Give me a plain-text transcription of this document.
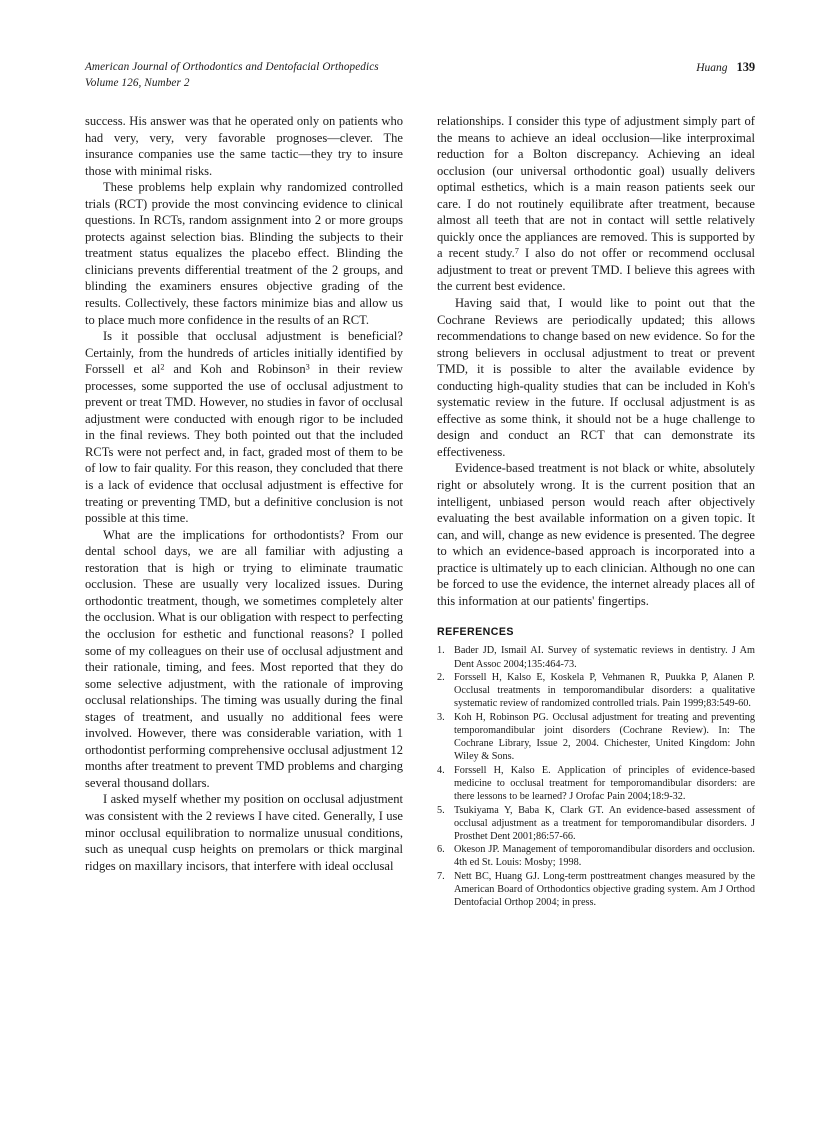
American Journal of Orthodontics and Dentofacial Orthopedics
Volume 126, Number 2
Huang 139

success. His answer was that he operated only on patients who had very, very, very favorable prognoses—clever. The insurance companies use the same tactic—they try to insure those with minimal risks.

These problems help explain why randomized controlled trials (RCT) provide the most convincing evidence to clinical questions. In RCTs, random assignment into 2 or more groups protects against selection bias. Blinding the subjects to their treatment status equalizes the placebo effect. Blinding the clinicians prevents differential treatment of the 2 groups, and blinding the examiners ensures objective grading of the results. Collectively, these factors minimize bias and allow us to place much more confidence in the results of an RCT.

Is it possible that occlusal adjustment is beneficial? Certainly, from the hundreds of articles initially identified by Forssell et $al^2$ and Koh and Robinson$^3$ in their review processes, some supported the use of occlusal adjustment to prevent or treat TMD. However, no studies in favor of occlusal adjustment were conducted with enough rigor to be included in the final reviews. They both pointed out that the included RCTs were not perfect and, in fact, graded most of them to be of low to fair quality. For this reason, they concluded that there is a lack of evidence that occlusal adjustment is effective for treating or preventing TMD, but a definitive conclusion is not possible at this time.

What are the implications for orthodontists? From our dental school days, we are all familiar with adjusting a restoration that is high or trying to eliminate traumatic occlusion. These are usually very localized issues. During orthodontic treatment, though, we sometimes completely alter the occlusion. What is our obligation with respect to perfecting the occlusion for esthetic and functional reasons? I polled some of my colleagues on their use of occlusal adjustment and their rationale, timing, and fees. Most reported that they do some selective adjustment, with the rationale of improving occlusal relationships. The timing was usually during the final stages of treatment, and usually no additional fees were involved. However, there was considerable variation, with 1 orthodontist performing comprehensive occlusal adjustment 12 months after treatment to prevent TMD problems and charging several thousand dollars.

I asked myself whether my position on occlusal adjustment was consistent with the 2 reviews I have cited. Generally, I use minor occlusal equilibration to normalize unusual conditions, such as unequal cusp heights on premolars or thick marginal ridges on maxillary incisors, that interfere with ideal occlusal

relationships. I consider this type of adjustment simply part of the means to achieve an ideal occlusion—like interproximal reduction for a Bolton discrepancy. Achieving an ideal occlusion (our universal orthodontic goal) usually delivers optimal esthetics, which is a main reason patients seek our care. I do not routinely equilibrate after treatment, because almost all teeth that are not in contact will settle relatively quickly once the appliances are removed. This is supported by a recent study.$^7$ I also do not offer or recommend occlusal adjustment to treat or prevent TMD. I believe this agrees with the current best evidence.

Having said that, I would like to point out that the Cochrane Reviews are periodically updated; this allows recommendations to change based on new evidence. So for the strong believers in occlusal adjustment to treat or prevent TMD, it is possible to alter the available evidence by conducting high-quality studies that can be included in Koh's systematic review in the future. If occlusal adjustment is as effective as some think, it should not be a huge challenge to design and conduct an RCT that can demonstrate its effectiveness.

Evidence-based treatment is not black or white, absolutely right or absolutely wrong. It is the current position that an intelligent, unbiased person would reach after objectively evaluating the best available information on a given topic. It can, and will, change as new evidence is presented. The degree to which an evidence-based approach is incorporated into a practice is ultimately up to each clinician. Although no one can be forced to use the evidence, the internet already places all of this information at our patients' fingertips.

REFERENCES
Bader JD, Ismail AI. Survey of systematic reviews in dentistry. J Am Dent Assoc 2004;135:464-73.
Forssell H, Kalso E, Koskela P, Vehmanen R, Puukka P, Alanen P. Occlusal treatments in temporomandibular disorders: a qualitative systematic review of randomized controlled trials. Pain 1999;83:549-60.
Koh H, Robinson PG. Occlusal adjustment for treating and preventing temporomandibular joint disorders (Cochrane Review). In: The Cochrane Library, Issue 2, 2004. Chichester, United Kingdom: John Wiley & Sons.
Forssell H, Kalso E. Application of principles of evidence-based medicine to occlusal treatment for temporomandibular disorders: are there lessons to be learned? J Orofac Pain 2004;18:9-32.
Tsukiyama Y, Baba K, Clark GT. An evidence-based assessment of occlusal adjustment as a treatment for temporomandibular disorders. J Prosthet Dent 2001;86:57-66.
Okeson JP. Management of temporomandibular disorders and occlusion. 4th ed St. Louis: Mosby; 1998.
Nett BC, Huang GJ. Long-term posttreatment changes measured by the American Board of Orthodontics objective grading system. Am J Orthod Dentofacial Orthop 2004; in press.
